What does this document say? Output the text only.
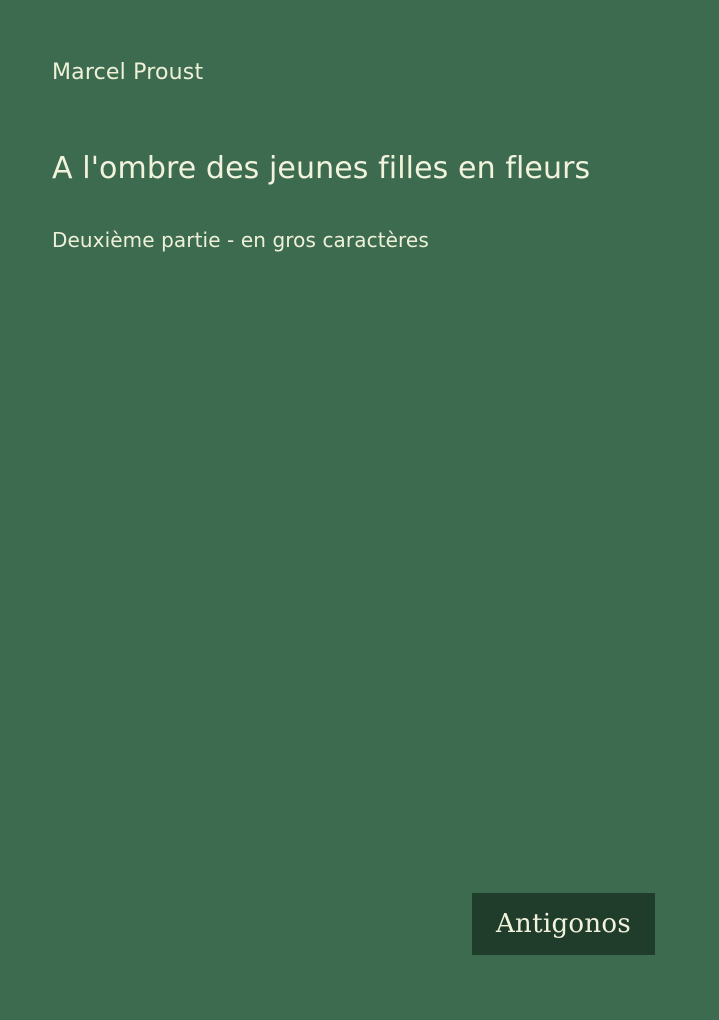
Marcel Proust
A l'ombre des jeunes filles en fleurs
Deuxième partie - en gros caractères
Antigonos
